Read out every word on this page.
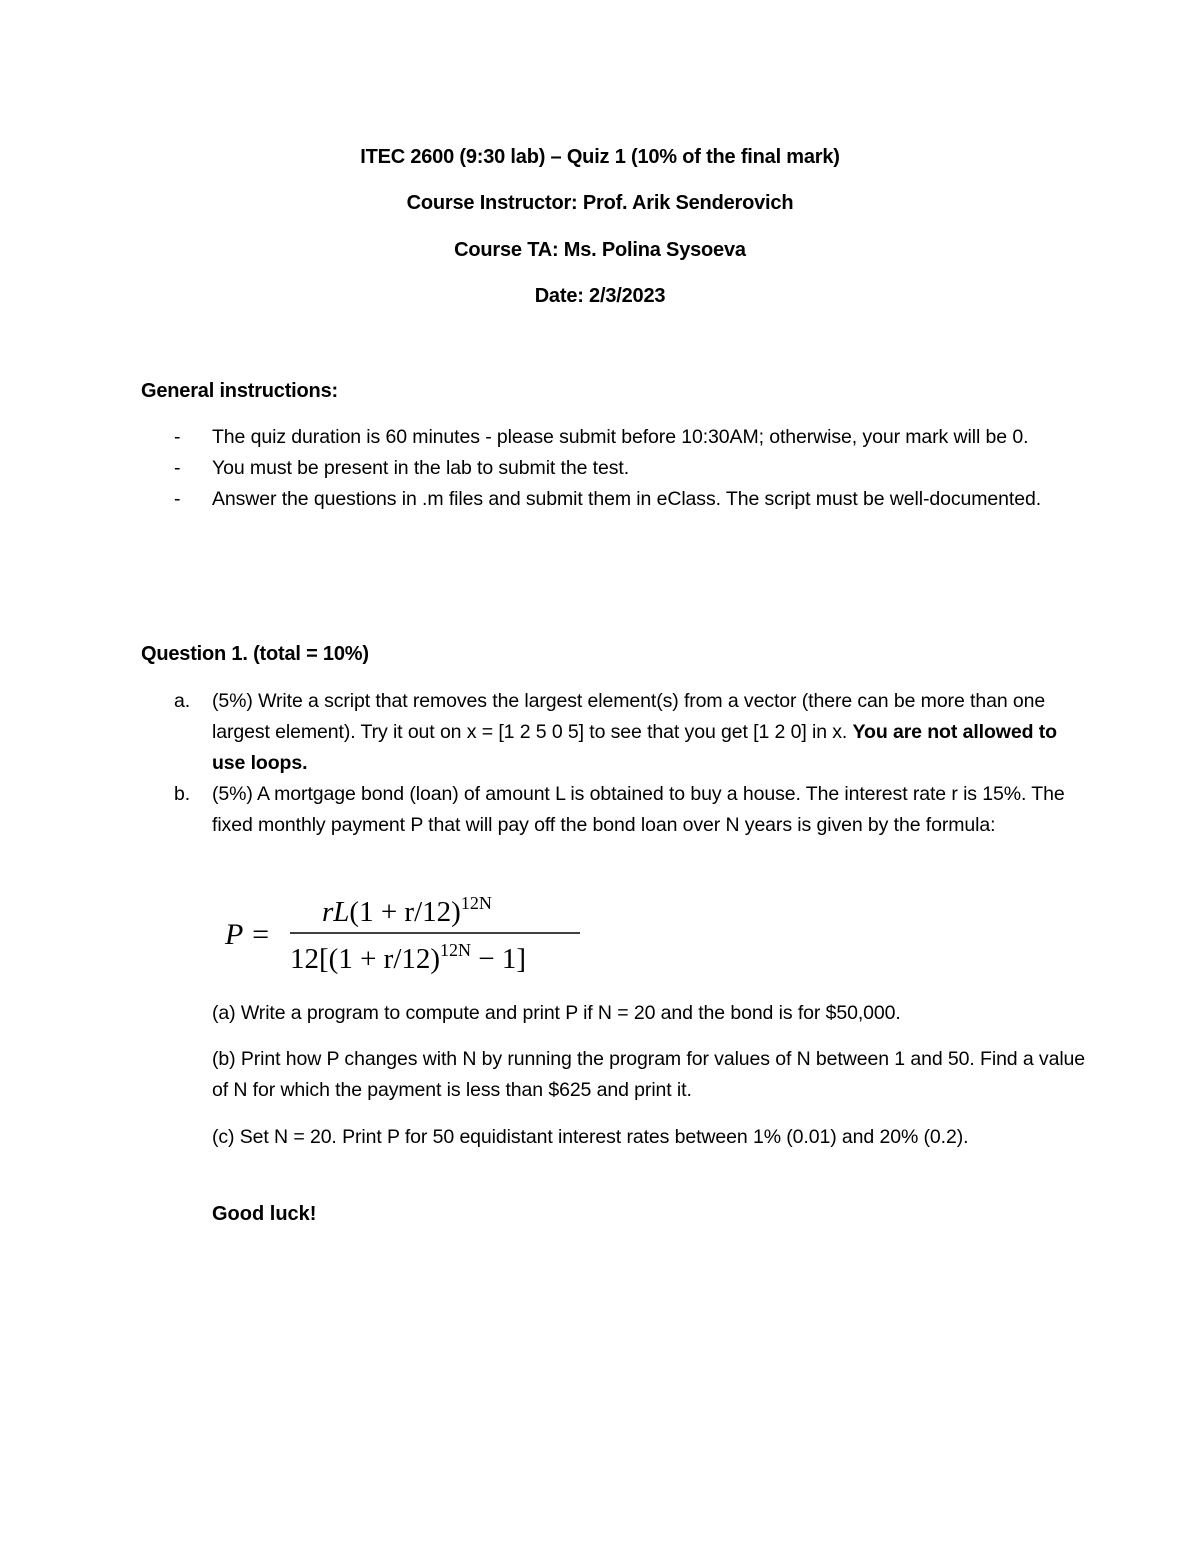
ITEC 2600 (9:30 lab) – Quiz 1 (10% of the final mark)
Course Instructor: Prof. Arik Senderovich
Course TA: Ms. Polina Sysoeva
Date: 2/3/2023
General instructions:
- The quiz duration is 60 minutes - please submit before 10:30AM; otherwise, your mark will be 0.
- You must be present in the lab to submit the test.
- Answer the questions in .m files and submit them in eClass. The script must be well-documented.
Question 1. (total = 10%)
a. (5%) Write a script that removes the largest element(s) from a vector (there can be more than one largest element). Try it out on x = [1 2 5 0 5] to see that you get [1 2 0] in x. You are not allowed to use loops.
b. (5%) A mortgage bond (loan) of amount L is obtained to buy a house. The interest rate r is 15%. The fixed monthly payment P that will pay off the bond loan over N years is given by the formula:
P =
$rL(1 + r/12)^{12N}$
$12[(1 + r/12)^{12N} - 1]$
(a) Write a program to compute and print P if N = 20 and the bond is for $50,000.
(b) Print how P changes with N by running the program for values of N between 1 and 50. Find a value of N for which the payment is less than $625 and print it.
(c) Set N = 20. Print P for 50 equidistant interest rates between 1% (0.01) and 20% (0.2).
Good luck!
